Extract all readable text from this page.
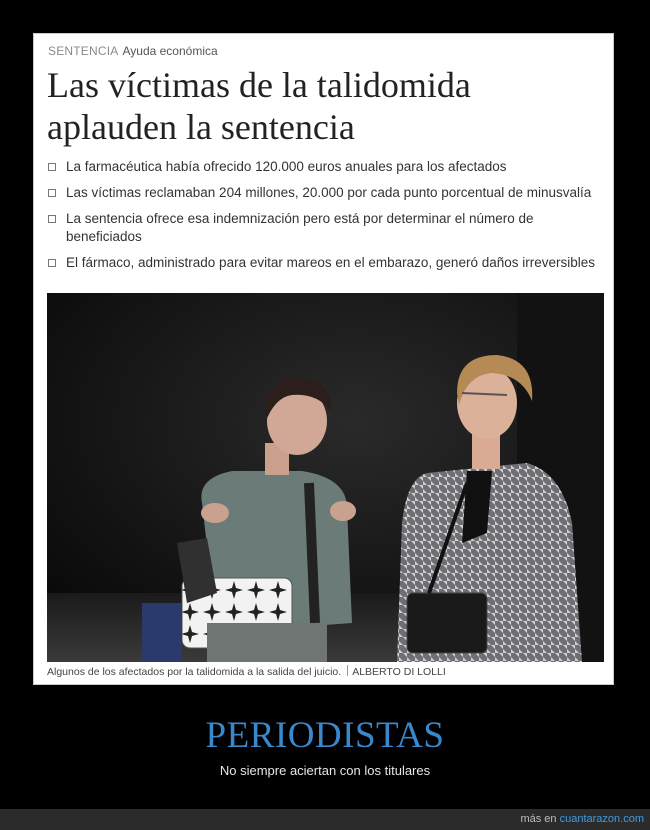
SENTENCIA Ayuda económica
Las víctimas de la talidomida
aplauden la sentencia
La farmacéutica había ofrecido 120.000 euros anuales para los afectados
Las víctimas reclamaban 204 millones, 20.000 por cada punto porcentual de minusvalía
La sentencia ofrece esa indemnización pero está por determinar el número de beneficiados
El fármaco, administrado para evitar mareos en el embarazo, generó daños irreversibles
Algunos de los afectados por la talidomida a la salida del juicio. ALBERTO DI LOLLI
PERIODISTAS
No siempre aciertan con los titulares
más en cuantarazon.com
